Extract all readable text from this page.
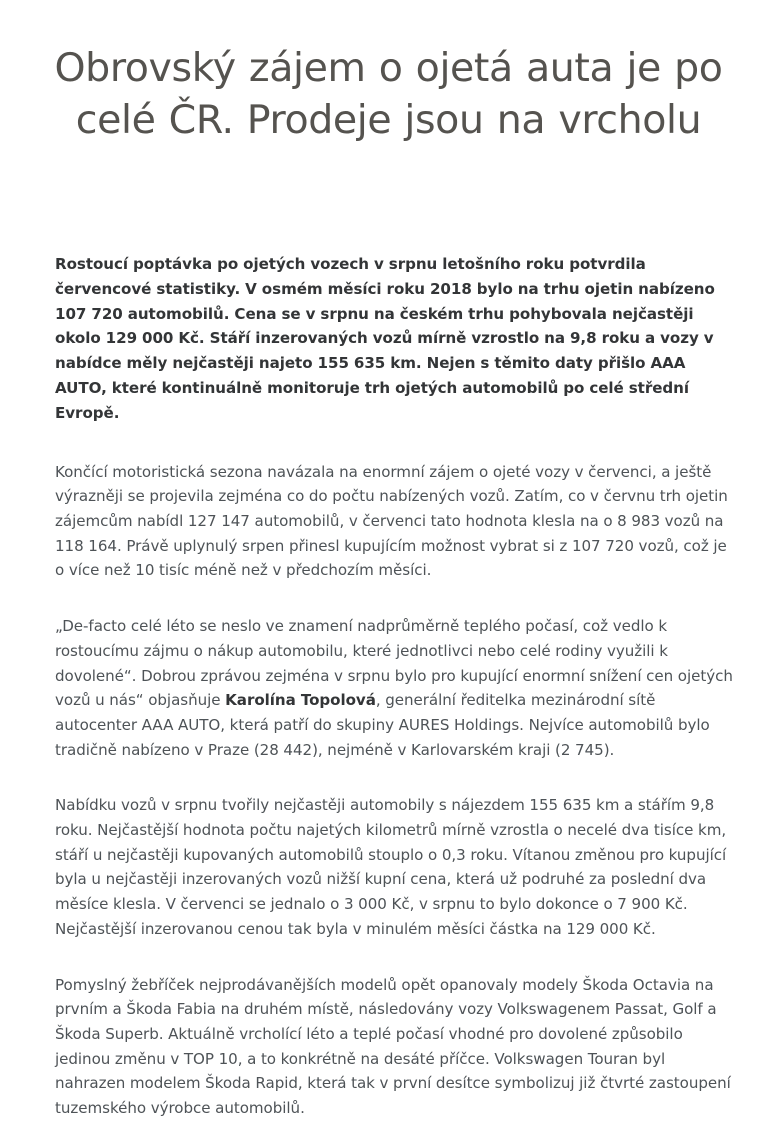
Obrovský zájem o ojetá auta je po celé ČR. Prodeje jsou na vrcholu

Rostoucí poptávka po ojetých vozech v srpnu letošního roku potvrdila červencové statistiky. V osmém měsíci roku 2018 bylo na trhu ojetin nabízeno 107 720 automobilů. Cena se v srpnu na českém trhu pohybovala nejčastěji okolo 129 000 Kč. Stáří inzerovaných vozů mírně vzrostlo na 9,8 roku a vozy v nabídce měly nejčastěji najeto 155 635 km. Nejen s těmito daty přišlo AAA AUTO, které kontinuálně monitoruje trh ojetých automobilů po celé střední Evropě.

Končící motoristická sezona navázala na enormní zájem o ojeté vozy v červenci, a ještě výrazněji se projevila zejména co do počtu nabízených vozů. Zatím, co v červnu trh ojetin zájemcům nabídl 127 147 automobilů, v červenci tato hodnota klesla na o 8 983 vozů na 118 164. Právě uplynulý srpen přinesl kupujícím možnost vybrat si z 107 720 vozů, což je o více než 10 tisíc méně než v předchozím měsíci.

„De-facto celé léto se neslo ve znamení nadprůměrně teplého počasí, což vedlo k rostoucímu zájmu o nákup automobilu, které jednotlivci nebo celé rodiny využili k dovolené“. Dobrou zprávou zejména v srpnu bylo pro kupující enormní snížení cen ojetých vozů u nás“ objasňuje Karolína Topolová, generální ředitelka mezinárodní sítě autocenter AAA AUTO, která patří do skupiny AURES Holdings. Nejvíce automobilů bylo tradičně nabízeno v Praze (28 442), nejméně v Karlovarském kraji (2 745).

Nabídku vozů v srpnu tvořily nejčastěji automobily s nájezdem 155 635 km a stářím 9,8 roku. Nejčastější hodnota počtu najetých kilometrů mírně vzrostla o necelé dva tisíce km, stáří u nejčastěji kupovaných automobilů stouplo o 0,3 roku. Vítanou změnou pro kupující byla u nejčastěji inzerovaných vozů nižší kupní cena, která už podruhé za poslední dva měsíce klesla. V červenci se jednalo o 3 000 Kč, v srpnu to bylo dokonce o 7 900 Kč. Nejčastější inzerovanou cenou tak byla v minulém měsíci částka na 129 000 Kč.

Pomyslný žebříček nejprodávanějších modelů opět opanovaly modely Škoda Octavia na prvním a Škoda Fabia na druhém místě, následovány vozy Volkswagenem Passat, Golf a Škoda Superb. Aktuálně vrcholící léto a teplé počasí vhodné pro dovolené způsobilo jedinou změnu v TOP 10, a to konkrétně na desáté příčce. Volkswagen Touran byl nahrazen modelem Škoda Rapid, která tak v první desítce symbolizuj již čtvrté zastoupení tuzemského výrobce automobilů.
